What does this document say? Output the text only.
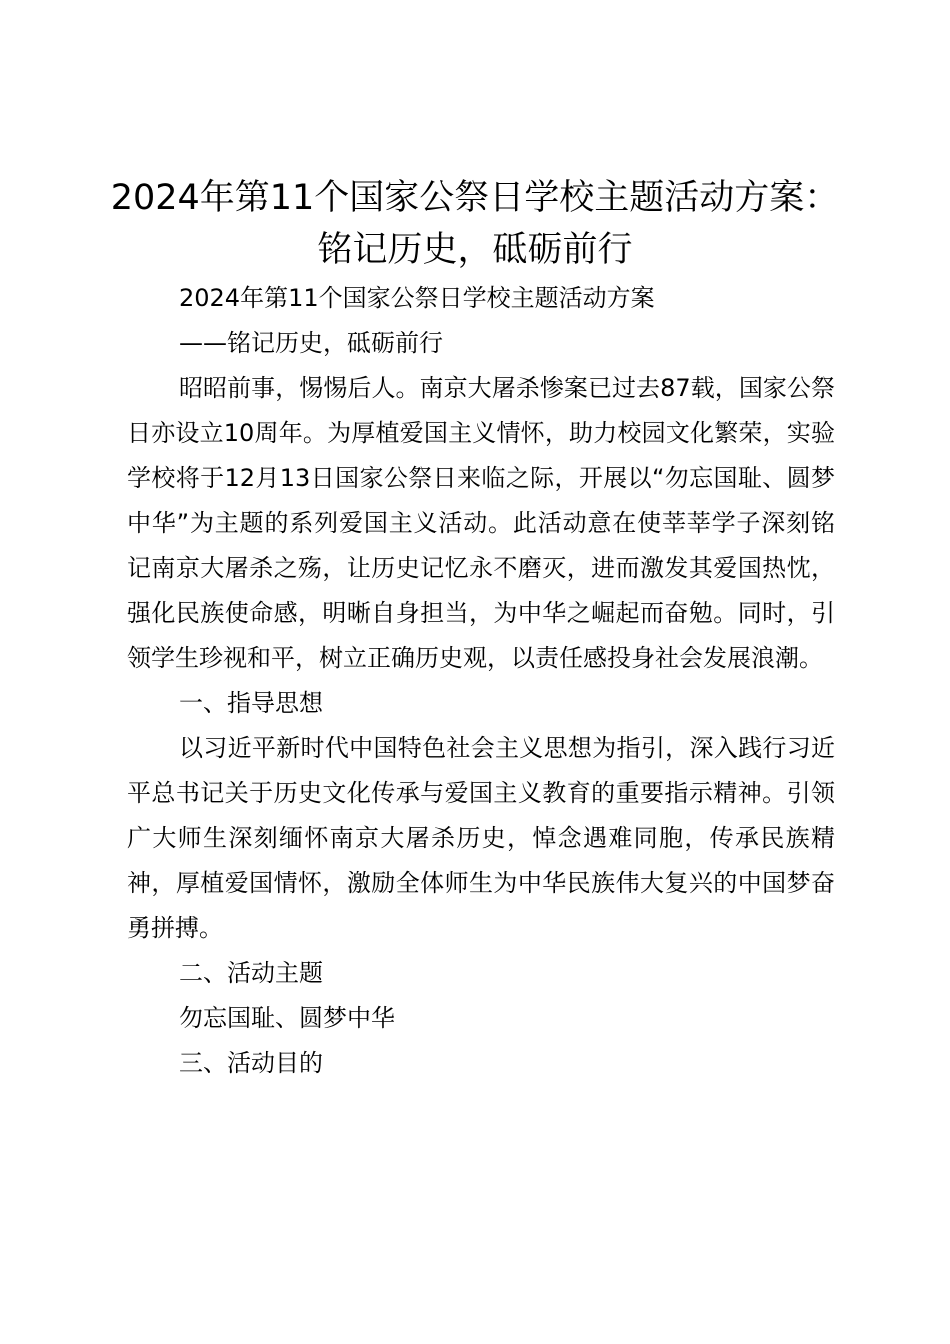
2024年第11个国家公祭日学校主题活动方案：铭记历史，砥砺前行

2024年第11个国家公祭日学校主题活动方案

——铭记历史，砥砺前行

昭昭前事，惕惕后人。南京大屠杀惨案已过去87载，国家公祭日亦设立10周年。为厚植爱国主义情怀，助力校园文化繁荣，实验学校将于12月13日国家公祭日来临之际，开展以“勿忘国耻、圆梦中华”为主题的系列爱国主义活动。此活动意在使莘莘学子深刻铭记南京大屠杀之殇，让历史记忆永不磨灭，进而激发其爱国热忱，强化民族使命感，明晰自身担当，为中华之崛起而奋勉。同时，引领学生珍视和平，树立正确历史观，以责任感投身社会发展浪潮。

一、指导思想

以习近平新时代中国特色社会主义思想为指引，深入践行习近平总书记关于历史文化传承与爱国主义教育的重要指示精神。引领广大师生深刻缅怀南京大屠杀历史，悼念遇难同胞，传承民族精神，厚植爱国情怀，激励全体师生为中华民族伟大复兴的中国梦奋勇拼搏。

二、活动主题

勿忘国耻、圆梦中华

三、活动目的
